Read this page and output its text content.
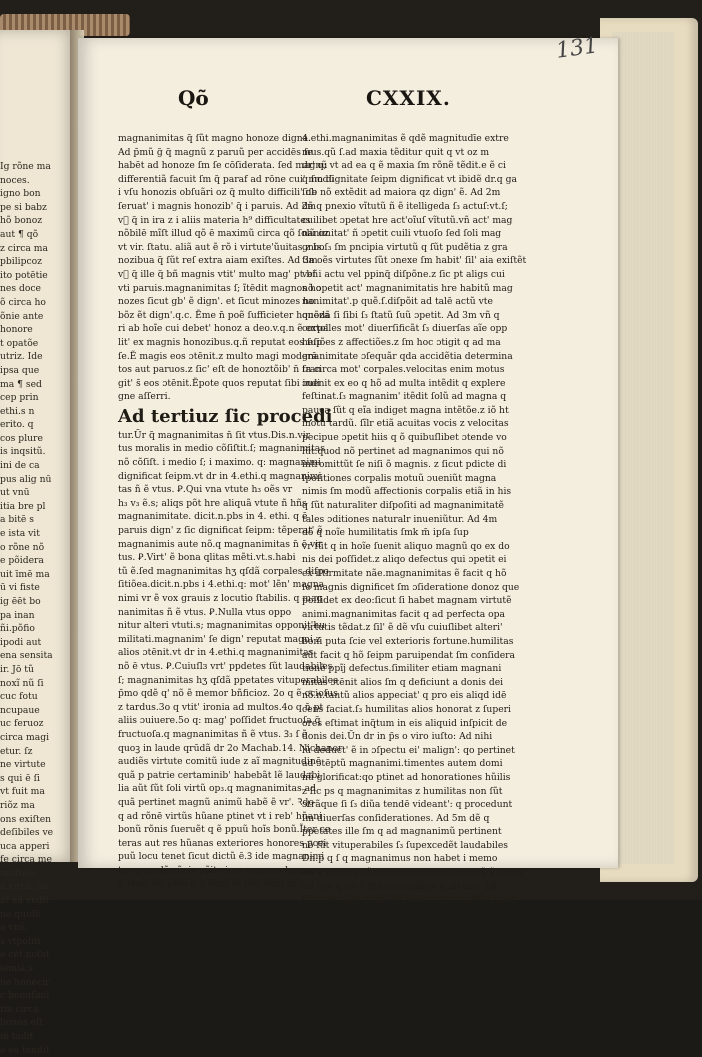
Ig rõne ma
noces.
igno bon
pe si babz
hõ bonoz
aut ¶ qõ
z circa ma
pbilipcoz
ito potētie
nes doce
õ circa ho
õnie ante
honore
t opatõe
utriz. Ide
ipsa que
ma ¶ sed
cep prin
ethi.s n
erito. q
cos plure
is inqsitũ.
ini de ca
pus alig nū
ut vnū
itia bre pl
a bitē s
e ista vit
o rõne nõ
e põidera
uit īmē ma
ū vi fiste
ig ēēt bo
pa inan
ñi.põfio
ipodi aut
ena sensita
ir. Jō tũ
noxĩ nũ ſi
cuc fotu
ncupaue
uc feruoz
circa magi
etur. ſz
ne virtute
s qui ē ſi
vt fuit ma
riõz ma
ons exiſten
deſibiles ve
uca apperi
fe circa me
tauſteſe
a virtu. Ila
at eã vedit
ne quidē
a vnũ.
s vtpoliti
e cēt.noſat
iemiā.s
ne honecir.
c bonuſimi
tm circa
bonos eſt
m tadit
e ea tendit
131
Qõ	CXXIX.
magnanimitas q̃ ſũt magno honoze digna.
Ad p̄mũ g̃ q̃ magnũ z paruũ per accidēs ſe
habēt ad honoze ſm ſe cōſiderata. ſed magnũ
differentiã facuit ſm q̃ paraf ad rōne cui' modū
i vſu honozis obſuãri oz q̃ multo difficili' ob
ſeruat' i magnis honozib' q̃ i paruis. Ad 2m
vᷣ q̃ in ira z i aliis materia h⁹ difficultates
nõbilē mĩſt illud qõ ē maximũ circa qõ ſolũ oz
vt vir. ſtatu. aliã aut ẽ rõ i virtute'ũuitas z bo
nozibua q̃ ſũt reſ extra aiam exiſtes. Ad 3m
vᷣ q̃ ille q̃ bñ magnis vtit' multo mag' pt bñ
vti paruis.magnanimitas ſ; ĩtēdit magnos ho
nozes ſicut gb' ẽ dign'. et ſicut minozes ho
bõz ẽt dign'.q.c. Ẽme n̄ poẽ ſufficieter honoza
ri ab hoĩe cui debet' honoz a deo.v.q.n ẽ extol
lit' ex magnis honozibus.q.ñ reputat eos ſup
ſe.Ẽ magis eos ɔtēnit.z multo magi moderā
tos aut paruos.z ſic' eſt de honoztõib' n̄ fran
git' s̄ eos ɔtēnit.Ẽpote quos reputat ſibi indi
gne aſſerri.
Ad tertiuz ſic procedi
tur.Ũr q̃ magnanimitas n̄ ſit vtus.Dis.n.vir
tus moralis in medio cõſiſtit.ſ; magnanimitas
nõ cõſiſt. i medio ſ; i maximo. q: magnanimi
dignificat ſeipm.vt dr in 4.ethi.q magnanimi
tas ñ ẽ vtus. Ꝑ.Qui vna vtute h₃ oẽs vr
h₃ v₃ ẽ.s; aliqs põt hre aliquã vtute ñ hñs
magnanimitate. dicit.n.pbs in 4. ethi. q ē
paruis dign' z ſic dignificat ſeipm: tẽperat' ẽ
magnanimis aute nõ.q magnanimitas n̄ ē vir
tus. Ꝑ.Virt' ẽ bona qlitas mẽti.vt.s.habi
tũ ẽ.ſed magnanimitas hʒ qſdã corpales diſpo
ſitiõea.dicit.n.pbs i 4.ethi.q: mot' lẽn' magna
nimi vr ẽ vox grauis z locutio ſtabilis. q mag
nanimitas ñ ẽ vtus. Ꝑ.Nulla vtus oppo
nitur alteri vtuti.s; magnanimitas opponit'hu
militati.magnanim' ſe dign' reputat magni z
alios ɔtēnit.vt dr in 4.ethi.q magnanimitas
nõ ē vtus. Ꝑ.Cuiuſlɜ vrt' ppdetes ſũt laudabiles
ſ; magnanimitas hʒ qſdã ppetates vituperabiles
p̄mo qdẽ q' nõ ẽ memor bñficioz. 2o q ẽ ocioſus
z tardus.3o q vtit' ironia ad multos.4o q n̄ pt
aliis ɔuiuere.5o q: mag' poſſidet fructuoſa q̃
fructuoſa.q magnanimitas ñ ẽ vtus. Ꝫ₃ ſ ẽ
quoꝫ in laude qrūdã dr 2o Machab.14. Nichanor
audiẽs virtute comitũ iude z aĩ magnitudinē
quã p patrie certaminib' habebãt lẽ laudabi
lia aũt ſũt ſoli virtũ op₃.q magnanimitas ad
quã pertinet magnũ animũ habẽ ẽ vr'. Ꝛ̃ɖo
q ad rõnē virtũs hũane ptinet vt i reb' hũani
bonũ rõnis ſueruẽt q ẽ ppuũ hoĩs bonũ.Ĩter ce
teras aut res hũanas exteriores honores pcei
puũ locu tenet ſicut dictũ ē.Ꝫ ide magnanimi
tas q modũ rõnis põit circa magnos honores
ẽ vtus. Ad p̄mũ g q ſicut ẽt pbs dicit in
4.ethi.magnanimitas ẽ qdẽ magnitudīe extre
mus.qũ ſ.ad maxia tẽditur quit q vt oz m
dr' q; vt ad ea q ẽ maxia ſm rõnẽ tẽdit.e ẽ ci
q ſm dignitate ſeipm dignificat vt ibidẽ dr.q ga
ſiſe nõ extẽdit ad maiora qz dign' ẽ. Ad 2m
dẽ q pnexio vĩtutũ ñ ẽ itelligeda ſ₃ actuſ:vt.ſ;
cuilibet ɔpetat hre act'oĩuſ vĩtutũ.vñ act' mag
nanimitat' ñ ɔpetit cuili vtuoſo ſed ſoli mag
gnis.ſ₃ ſm pncipia virtutũ q ſũt pudẽtia z gra
tia oẽs virtutes ſũt ɔnexe ſm habit' ſil' aia exiſtẽt
vel i actu vel ppinq̃ diſpõne.z ſic pt aligs cui
nõ ɔpetit act' magnanimitatis hre habitũ mag
nanimitat'.p quẽ.ſ.diſpõit ad talē actũ vte
quẽdã ſi ſibi ſ₃ ſtatũ ſuũ ɔpetit. Ad 3m vñ q
corpales mot' diuerſificãt ſ₃ diuerſas aĩe opp
heſiões z affectiões.z ſm hoc ɔtigit q ad ma
gnanimitate ɔſequãr qda accidẽtia determina
ta circa mot' corpales.velocitas enim motus
ɔuenit ex eo q hõ ad multa intẽdit q explere
feſtinat.ſ₃ magnanim' itẽdit ſolũ ad magna q
pauca ſũt q eĩa indiget magna intẽtõe.z iõ ht
motũ tardũ. ſĩlr etiã acuitas vocis z velocitas
pecipue ɔpetit hiis q õ quibuſlibet ɔtende vo
lũt.quod nõ pertinet ad magnanimos qui nõ
intromittũt ſe niſi õ magnis. z ſicut pdicte di
ſpoſitiones corpalis motuũ ɔueniũt magna
nimis ſm modũ affectionis corpalis etiã in his
q ſũt naturaliter diſpoſiti ad magnanimitatẽ
tales ɔditiones naturalr inueniũtur. Ad 4m
dõ q noĩe humilitatis ſmk m̃ ipſa ſup
vr ſũt q in hoĩe ſuenit aliquo magnũ qo ex do
nis dei poſſidet.z aliqo defectus qui ɔpetit ei
ex iſtirmitate nãe.magnanimitas ẽ facit q hõ
ſe magnis dignificet ſm ɔſideratione donoz que
poſſidet ex deo:ſicut ſi habet magnam virtutẽ
animi.magnanimitas facit q ad perfecta opa
virtutis tẽdat.z ſil' ẽ dẽ vſu cuiuſlibet alteri'
boni puta ſcie vel exterioris fortune.humilitas
aũt facit q hõ ſeipm paruipendat ſm conſidera
tionẽ ppĩj defectus.ſimiliter etiam magnani
mitas ɔtēnit alios ſm q deficiunt a donis dei
nõ.n.tantũ alios appeciat' q pro eis aliqd idē
cens faciat.ſ₃ humilitas alios honorat z ſuperi
ores eſtimat inq̃tum in eis aliquid inſpicit de
donis dei.Ũn dr in p̃s o viro iuſto: Ad nihi
lũ deduct' ẽ in ɔſpectu ei' malign': qo pertinet
ad ɔtēptũ magnanimi.timentes autem domi
nũ glorificat:qo ptinet ad honorationes hũilis
z ſic ps q magnanimitas z humilitas non ſũt
ɔtrãque ſi ſ₃ diũa tendē videant': q procedunt
ſm diuerſas conſiderationes. Ad 5m dẽ q
ppetates ille ſm q ad magnanimũ pertinent
nõ ſũt vituperabiles ſ₃ ſupexcedẽt laudabiles
Dn.p̄ q ſ q magnanimus non habet i memo
ria a quibus bñficia recepit:intelligendũ ẽ q̃tum
ad hoc q nõ ẽ ſibi delectabile q ab aliq' bñ
ficia recipiat quin ſibi maiora recoɔpẽſet.quod
